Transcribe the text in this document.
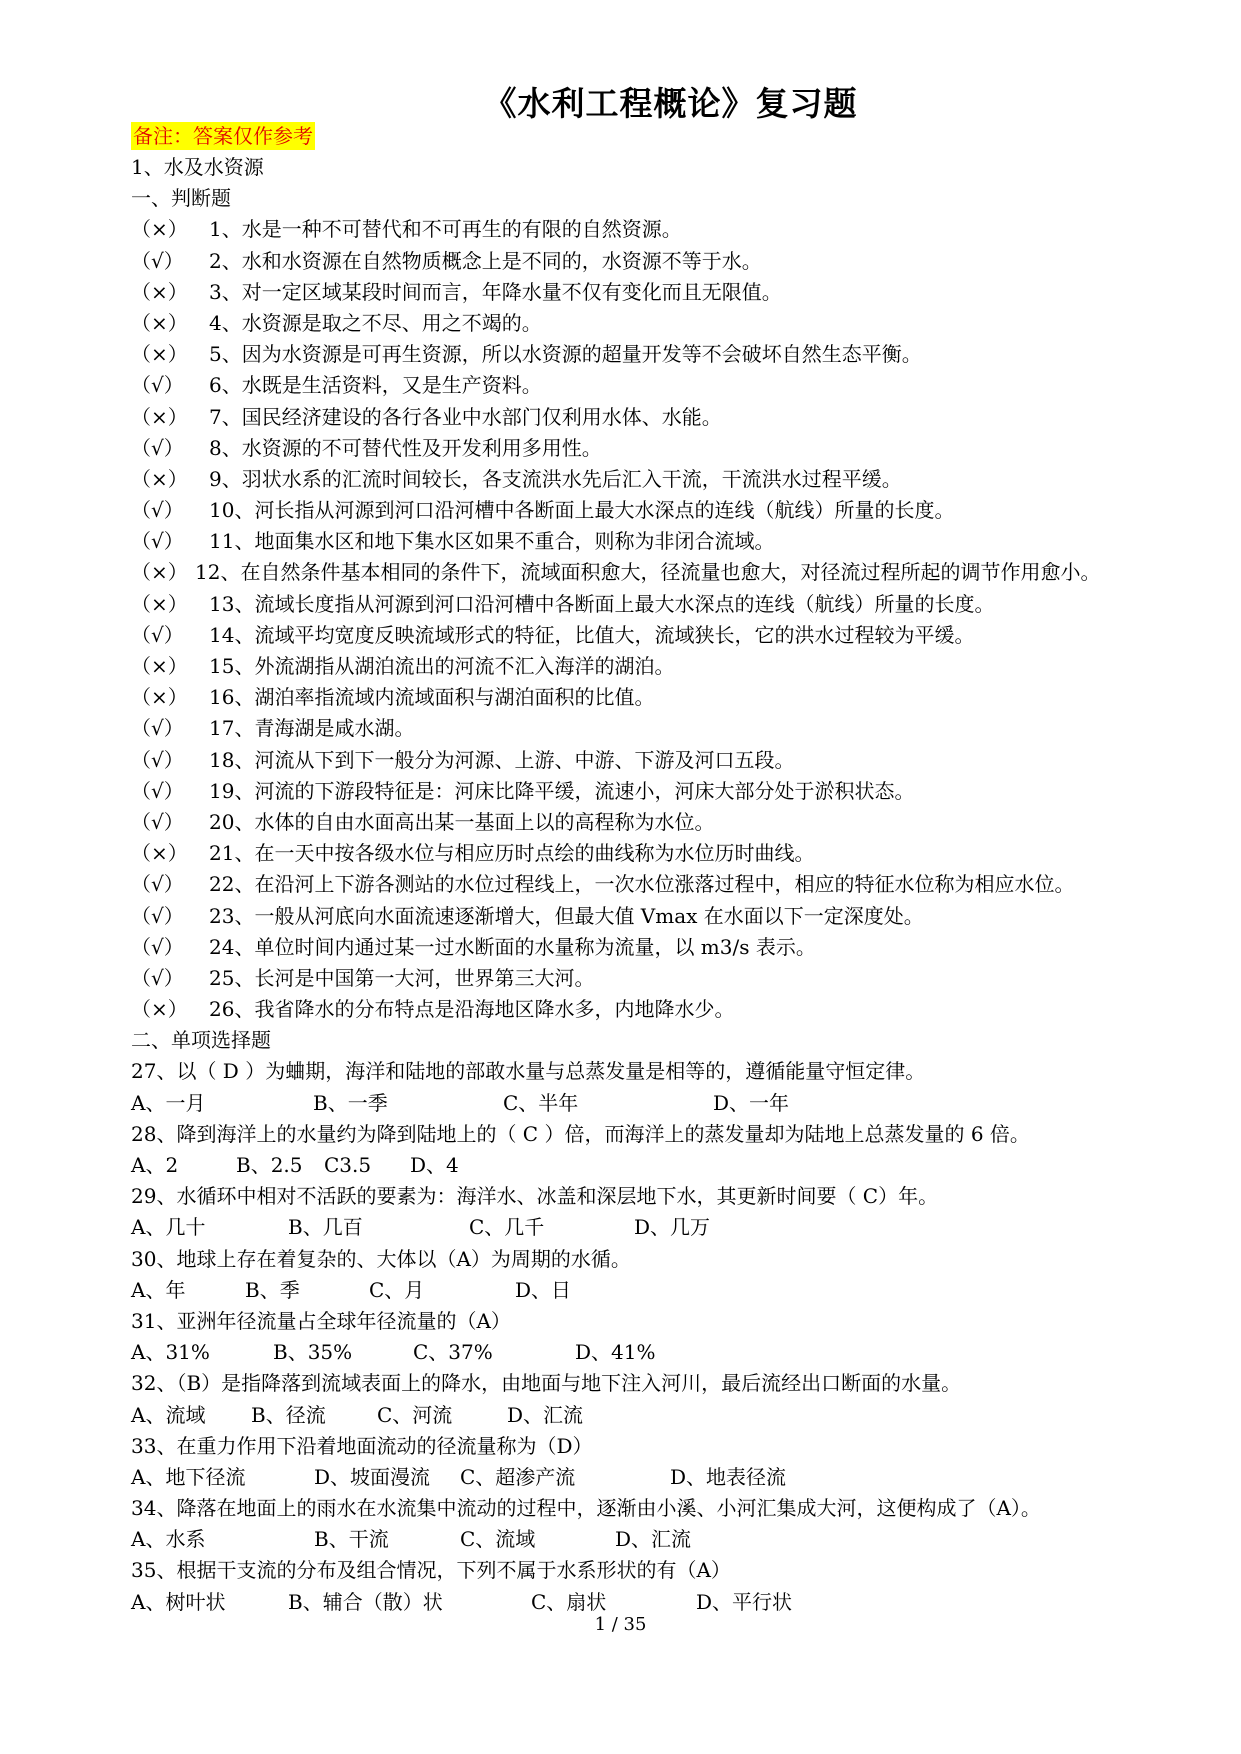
《水利工程概论》复习题
备注：答案仅作参考
1、水及水资源
一、判断题
（×） 1、水是一种不可替代和不可再生的有限的自然资源。
（√） 2、水和水资源在自然物质概念上是不同的，水资源不等于水。
（×） 3、对一定区域某段时间而言，年降水量不仅有变化而且无限值。
（×） 4、水资源是取之不尽、用之不竭的。
（×） 5、因为水资源是可再生资源，所以水资源的超量开发等不会破坏自然生态平衡。
（√） 6、水既是生活资料，又是生产资料。
（×） 7、国民经济建设的各行各业中水部门仅利用水体、水能。
（√） 8、水资源的不可替代性及开发利用多用性。
（×） 9、羽状水系的汇流时间较长，各支流洪水先后汇入干流，干流洪水过程平缓。
（√） 10、河长指从河源到河口沿河槽中各断面上最大水深点的连线（航线）所量的长度。
（√） 11、地面集水区和地下集水区如果不重合，则称为非闭合流域。
（×） 12、在自然条件基本相同的条件下，流域面积愈大，径流量也愈大，对径流过程所起的调节作用愈小。
（×） 13、流域长度指从河源到河口沿河槽中各断面上最大水深点的连线（航线）所量的长度。
（√） 14、流域平均宽度反映流域形式的特征，比值大，流域狭长，它的洪水过程较为平缓。
（×） 15、外流湖指从湖泊流出的河流不汇入海洋的湖泊。
（×） 16、湖泊率指流域内流域面积与湖泊面积的比值。
（√） 17、青海湖是咸水湖。
（√） 18、河流从下到下一般分为河源、上游、中游、下游及河口五段。
（√） 19、河流的下游段特征是：河床比降平缓，流速小，河床大部分处于淤积状态。
（√） 20、水体的自由水面高出某一基面上以的高程称为水位。
（×） 21、在一天中按各级水位与相应历时点绘的曲线称为水位历时曲线。
（√） 22、在沿河上下游各测站的水位过程线上，一次水位涨落过程中，相应的特征水位称为相应水位。
（√） 23、一般从河底向水面流速逐渐增大，但最大值 Vmax 在水面以下一定深度处。
（√） 24、单位时间内通过某一过水断面的水量称为流量，以 m3/s 表示。
（√） 25、长河是中国第一大河，世界第三大河。
（×） 26、我省降水的分布特点是沿海地区降水多，内地降水少。
二、单项选择题
27、以（ D ）为蛐期，海洋和陆地的部敢水量与总蒸发量是相等的，遵循能量守恒定律。
A、一月	B、一季	C、半年	D、一年
28、降到海洋上的水量约为降到陆地上的（ C ）倍，而海洋上的蒸发量却为陆地上总蒸发量的 6 倍。
A、2	B、2.5 C3.5 D、4
29、水循环中相对不活跃的要素为：海洋水、冰盖和深层地下水，其更新时间要（ C）年。
A、几十	B、几百	C、几千	D、几万
30、地球上存在着复杂的、大体以（A）为周期的水循。
A、年	B、季	C、月	D、日
31、亚洲年径流量占全球年径流量的（A）
A、31%	B、35%	C、37%	D、41%
32、（B）是指降落到流域表面上的降水，由地面与地下注入河川，最后流经出口断面的水量。
A、流域 B、径流	C、河流	D、汇流
33、在重力作用下沿着地面流动的径流量称为（D）
A、地下径流	D、坡面漫流 C、超渗产流	D、地表径流
34、降落在地面上的雨水在水流集中流动的过程中，逐渐由小溪、小河汇集成大河，这便构成了（A）。
A、水系	B、干流	C、流域	D、汇流
35、根据干支流的分布及组合情况，下列不属于水系形状的有（A）
A、树叶状	B、辅合（散）状	C、扇状	D、平行状
1 / 35
